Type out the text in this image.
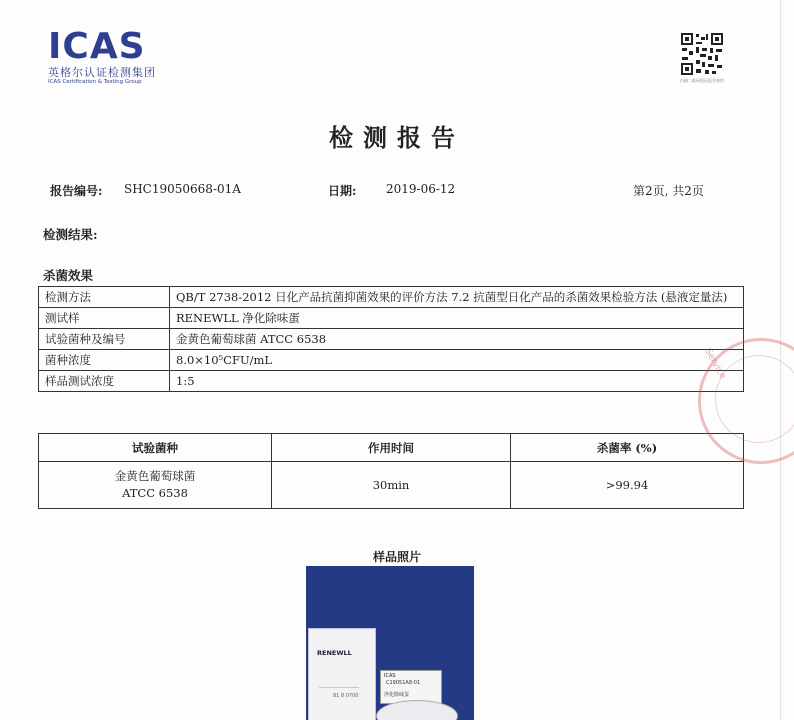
ICAS
英格尔认证检测集团
ICAS Certification & Testing Group	扫描二维码验证报告真伪
检测报告
报告编号: SHC19050668-01A	日期: 2019-06-12	第2页, 共2页
检测结果:
杀菌效果
检测方法	QB/T 2738-2012 日化产品抗菌抑菌效果的评价方法 7.2 抗菌型日化产品的杀菌效果检验方法 (悬液定量法)
测试样	RENEWLL 净化除味蛋
试验菌种及编号	金黄色葡萄球菌 ATCC 6538
菌种浓度	8.0×10⁵CFU/mL
样品测试浓度	1:5
试验菌种	作用时间	杀菌率 (%)

金黄色葡萄球菌
ATCC 6538	30min	>99.94
Service
样品照片
RENEWLL
81 8 0700
ICAS
C19051A8-01
净化除味蛋
